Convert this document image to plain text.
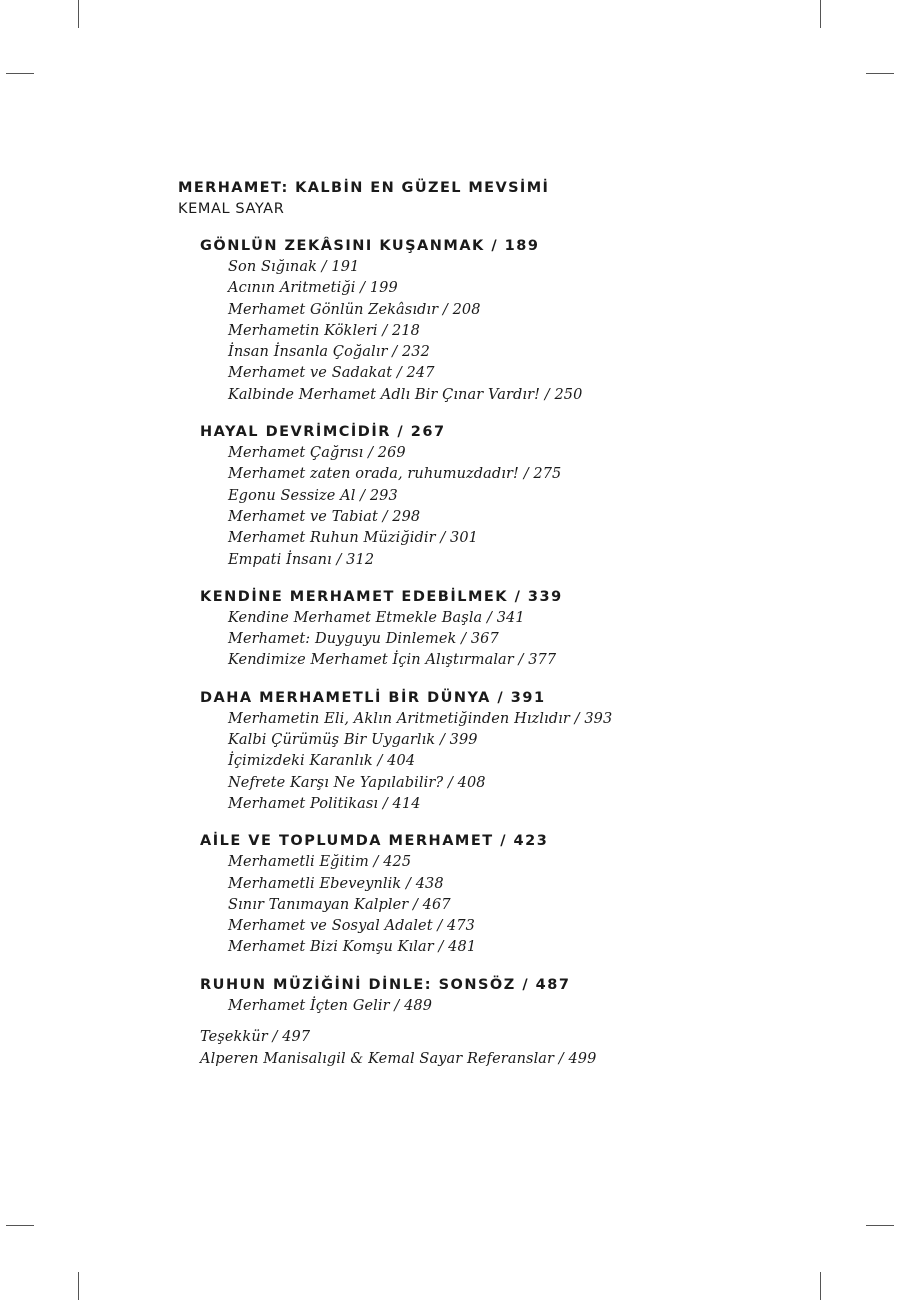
MERHAMET: KALBİN EN GÜZEL MEVSİMİ
KEMAL SAYAR
GÖNLÜN ZEKÂSINI KUŞANMAK / 189
Son Sığınak / 191
Acının Aritmetiği / 199
Merhamet Gönlün Zekâsıdır / 208
Merhametin Kökleri / 218
İnsan İnsanla Çoğalır / 232
Merhamet ve Sadakat / 247
Kalbinde Merhamet Adlı Bir Çınar Vardır! / 250
HAYAL DEVRİMCİDİR / 267
Merhamet Çağrısı / 269
Merhamet zaten orada, ruhumuzdadır! / 275
Egonu Sessize Al / 293
Merhamet ve Tabiat / 298
Merhamet Ruhun Müziğidir / 301
Empati İnsanı / 312
KENDİNE MERHAMET EDEBİLMEK / 339
Kendine Merhamet Etmekle Başla / 341
Merhamet: Duyguyu Dinlemek / 367
Kendimize Merhamet İçin Alıştırmalar / 377
DAHA MERHAMETLİ BİR DÜNYA / 391
Merhametin Eli, Aklın Aritmetiğinden Hızlıdır / 393
Kalbi Çürümüş Bir Uygarlık / 399
İçimizdeki Karanlık / 404
Nefrete Karşı Ne Yapılabilir? / 408
Merhamet Politikası / 414
AİLE VE TOPLUMDA MERHAMET / 423
Merhametli Eğitim / 425
Merhametli Ebeveynlik / 438
Sınır Tanımayan Kalpler / 467
Merhamet ve Sosyal Adalet / 473
Merhamet Bizi Komşu Kılar / 481
RUHUN MÜZİĞİNİ DİNLE: SONSÖZ / 487
Merhamet İçten Gelir / 489
Teşekkür / 497
Alperen Manisalıgil & Kemal Sayar Referanslar / 499
